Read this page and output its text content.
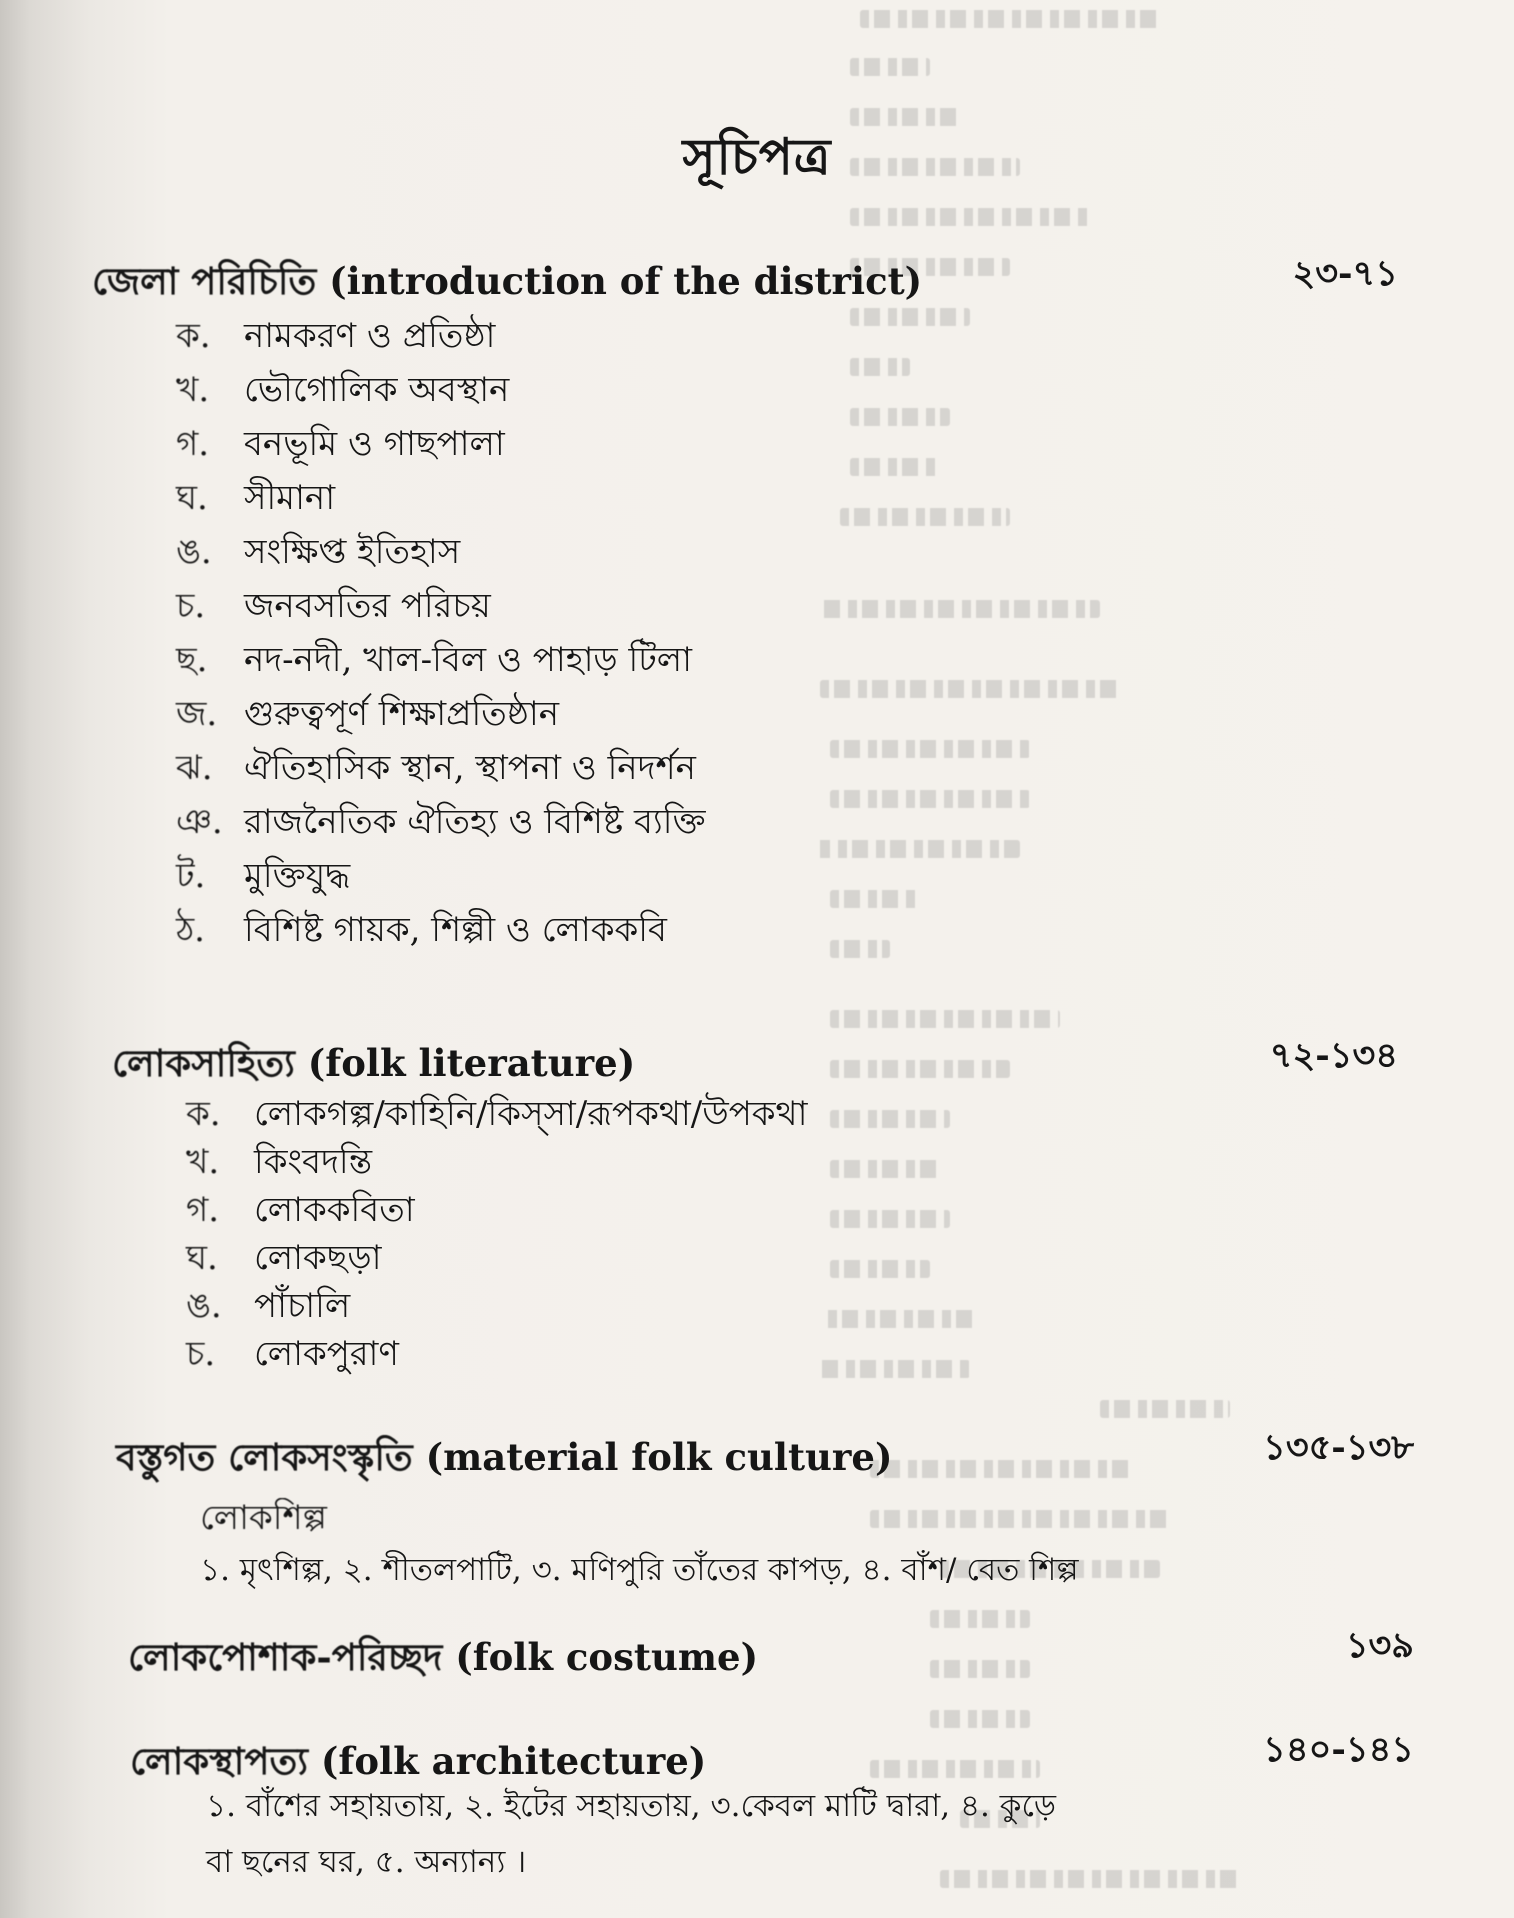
সূচিপত্র
জেলা পরিচিতি (introduction of the district)	২৩-৭১
ক. নামকরণ ও প্রতিষ্ঠা
খ.	ভৌগোলিক অবস্থান
গ.	বনভূমি ও গাছপালা
ঘ.	সীমানা
ঙ. সংক্ষিপ্ত ইতিহাস
চ.	জনবসতির পরিচয়
ছ.	নদ-নদী, খাল-বিল ও পাহাড় টিলা
জ. গুরুত্বপূর্ণ শিক্ষাপ্রতিষ্ঠান
ঝ. ঐতিহাসিক স্থান, স্থাপনা ও নিদর্শন
ঞ. রাজনৈতিক ঐতিহ্য ও বিশিষ্ট ব্যক্তি
ট.	মুক্তিযুদ্ধ
ঠ.	বিশিষ্ট গায়ক, শিল্পী ও লোককবি
লোকসাহিত্য (folk literature)	৭২-১৩৪
ক. লোকগল্প/কাহিনি/কিস্‌সা/রূপকথা/উপকথা
খ.	কিংবদন্তি
গ.	লোককবিতা
ঘ.	লোকছড়া
ঙ. পাঁচালি
চ.	লোকপুরাণ
বস্তুগত লোকসংস্কৃতি (material folk culture)	১৩৫-১৩৮
লোকশিল্প
১. মৃৎশিল্প, ২. শীতলপাটি, ৩. মণিপুরি তাঁতের কাপড়, ৪. বাঁশ/ বেত শিল্প
লোকপোশাক-পরিচ্ছদ (folk costume)	১৩৯
লোকস্থাপত্য (folk architecture)	১৪০-১৪১
১. বাঁশের সহায়তায়, ২. ইটের সহায়তায়, ৩.কেবল মাটি দ্বারা, ৪. কুড়ে
বা ছনের ঘর, ৫. অন্যান্য ।
